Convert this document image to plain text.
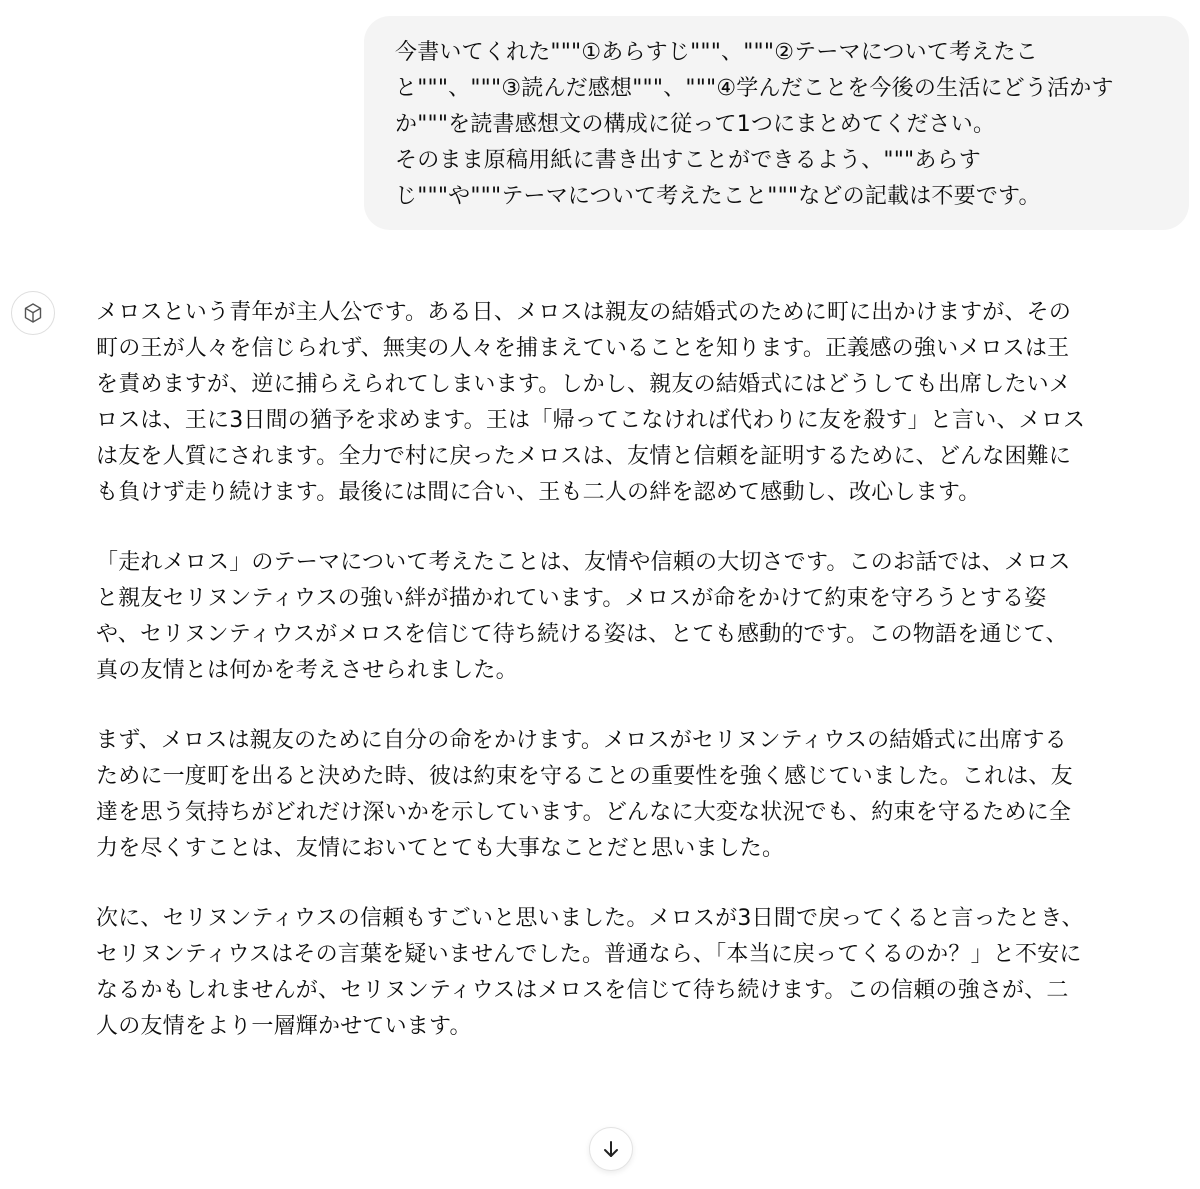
今書いてくれた"""①あらすじ"""、"""②テーマについて考えたこ

と"""、"""③読んだ感想"""、"""④学んだことを今後の生活にどう活かす

か"""を読書感想文の構成に従って1つにまとめてください。

そのまま原稿用紙に書き出すことができるよう、"""あらす

じ"""や"""テーマについて考えたこと"""などの記載は不要です。

メロスという青年が主人公です。ある日、メロスは親友の結婚式のために町に出かけますが、その
町の王が人々を信じられず、無実の人々を捕まえていることを知ります。正義感の強いメロスは王
を責めますが、逆に捕らえられてしまいます。しかし、親友の結婚式にはどうしても出席したいメ
ロスは、王に3日間の猶予を求めます。王は「帰ってこなければ代わりに友を殺す」と言い、メロス
は友を人質にされます。全力で村に戻ったメロスは、友情と信頼を証明するために、どんな困難に
も負けず走り続けます。最後には間に合い、王も二人の絆を認めて感動し、改心します。
「走れメロス」のテーマについて考えたことは、友情や信頼の大切さです。このお話では、メロス
と親友セリヌンティウスの強い絆が描かれています。メロスが命をかけて約束を守ろうとする姿
や、セリヌンティウスがメロスを信じて待ち続ける姿は、とても感動的です。この物語を通じて、
真の友情とは何かを考えさせられました。
まず、メロスは親友のために自分の命をかけます。メロスがセリヌンティウスの結婚式に出席する
ために一度町を出ると決めた時、彼は約束を守ることの重要性を強く感じていました。これは、友
達を思う気持ちがどれだけ深いかを示しています。どんなに大変な状況でも、約束を守るために全
力を尽くすことは、友情においてとても大事なことだと思いました。
次に、セリヌンティウスの信頼もすごいと思いました。メロスが3日間で戻ってくると言ったとき、
セリヌンティウスはその言葉を疑いませんでした。普通なら、「本当に戻ってくるのか？」と不安に
なるかもしれませんが、セリヌンティウスはメロスを信じて待ち続けます。この信頼の強さが、二
人の友情をより一層輝かせています。
